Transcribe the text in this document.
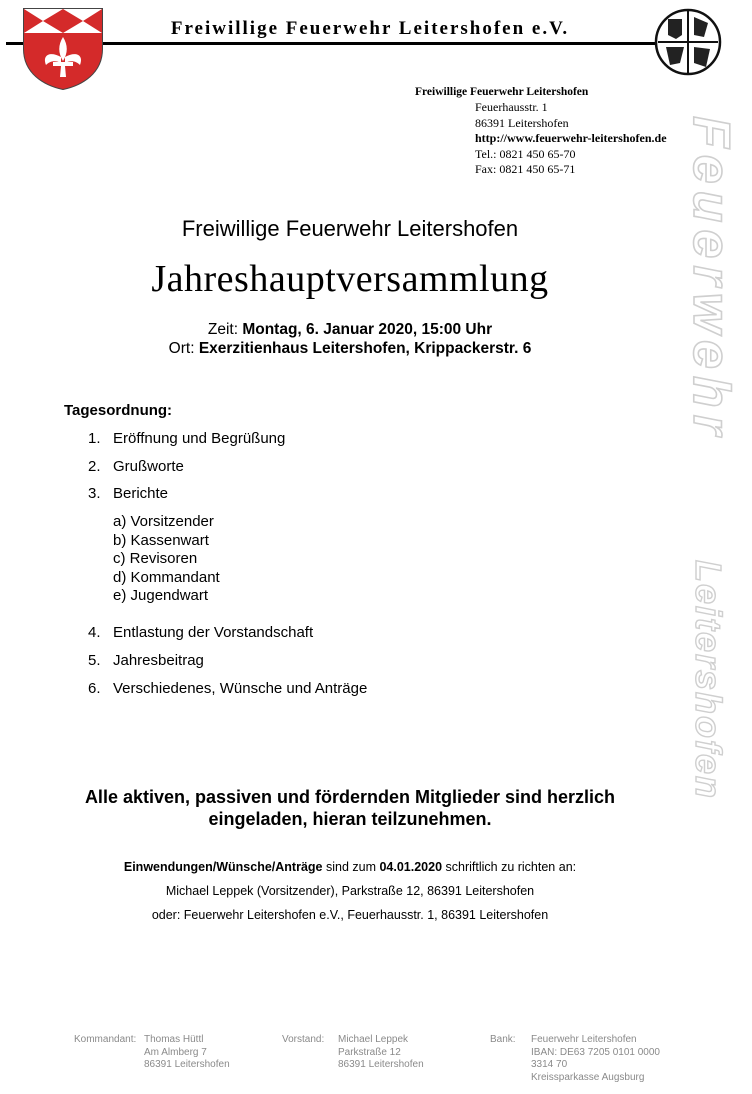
Freiwillige Feuerwehr Leitershofen e.V.
Freiwillige Feuerwehr Leitershofen
Feuerhausstr. 1
86391 Leitershofen
http://www.feuerwehr-leitershofen.de
Tel.: 0821 450 65-70
Fax: 0821 450 65-71	Feuerwehr
Leitershofen
Freiwillige Feuerwehr Leitershofen
Jahreshauptversammlung
Zeit: Montag, 6. Januar 2020, 15:00 Uhr
Ort: Exerzitienhaus Leitershofen, Krippackerstr. 6
Tagesordnung:
1. Eröffnung und Begrüßung
2. Grußworte
3. Berichte
a) Vorsitzender
b) Kassenwart
c) Revisoren
d) Kommandant
e) Jugendwart
4. Entlastung der Vorstandschaft
5. Jahresbeitrag
6. Verschiedenes, Wünsche und Anträge
Alle aktiven, passiven und fördernden Mitglieder sind herzlich eingeladen, hieran teilzunehmen.
Einwendungen/Wünsche/Anträge sind zum 04.01.2020 schriftlich zu richten an:
Michael Leppek (Vorsitzender), Parkstraße 12, 86391 Leitershofen
oder: Feuerwehr Leitershofen e.V., Feuerhausstr. 1, 86391 Leitershofen
Kommandant: Thomas Hüttl
Am Almberg 7
86391 Leitershofen
Vorstand: Michael Leppek
Parkstraße 12
86391 Leitershofen
Bank: Feuerwehr Leitershofen
IBAN: DE63 7205 0101 0000 3314 70
Kreissparkasse Augsburg
